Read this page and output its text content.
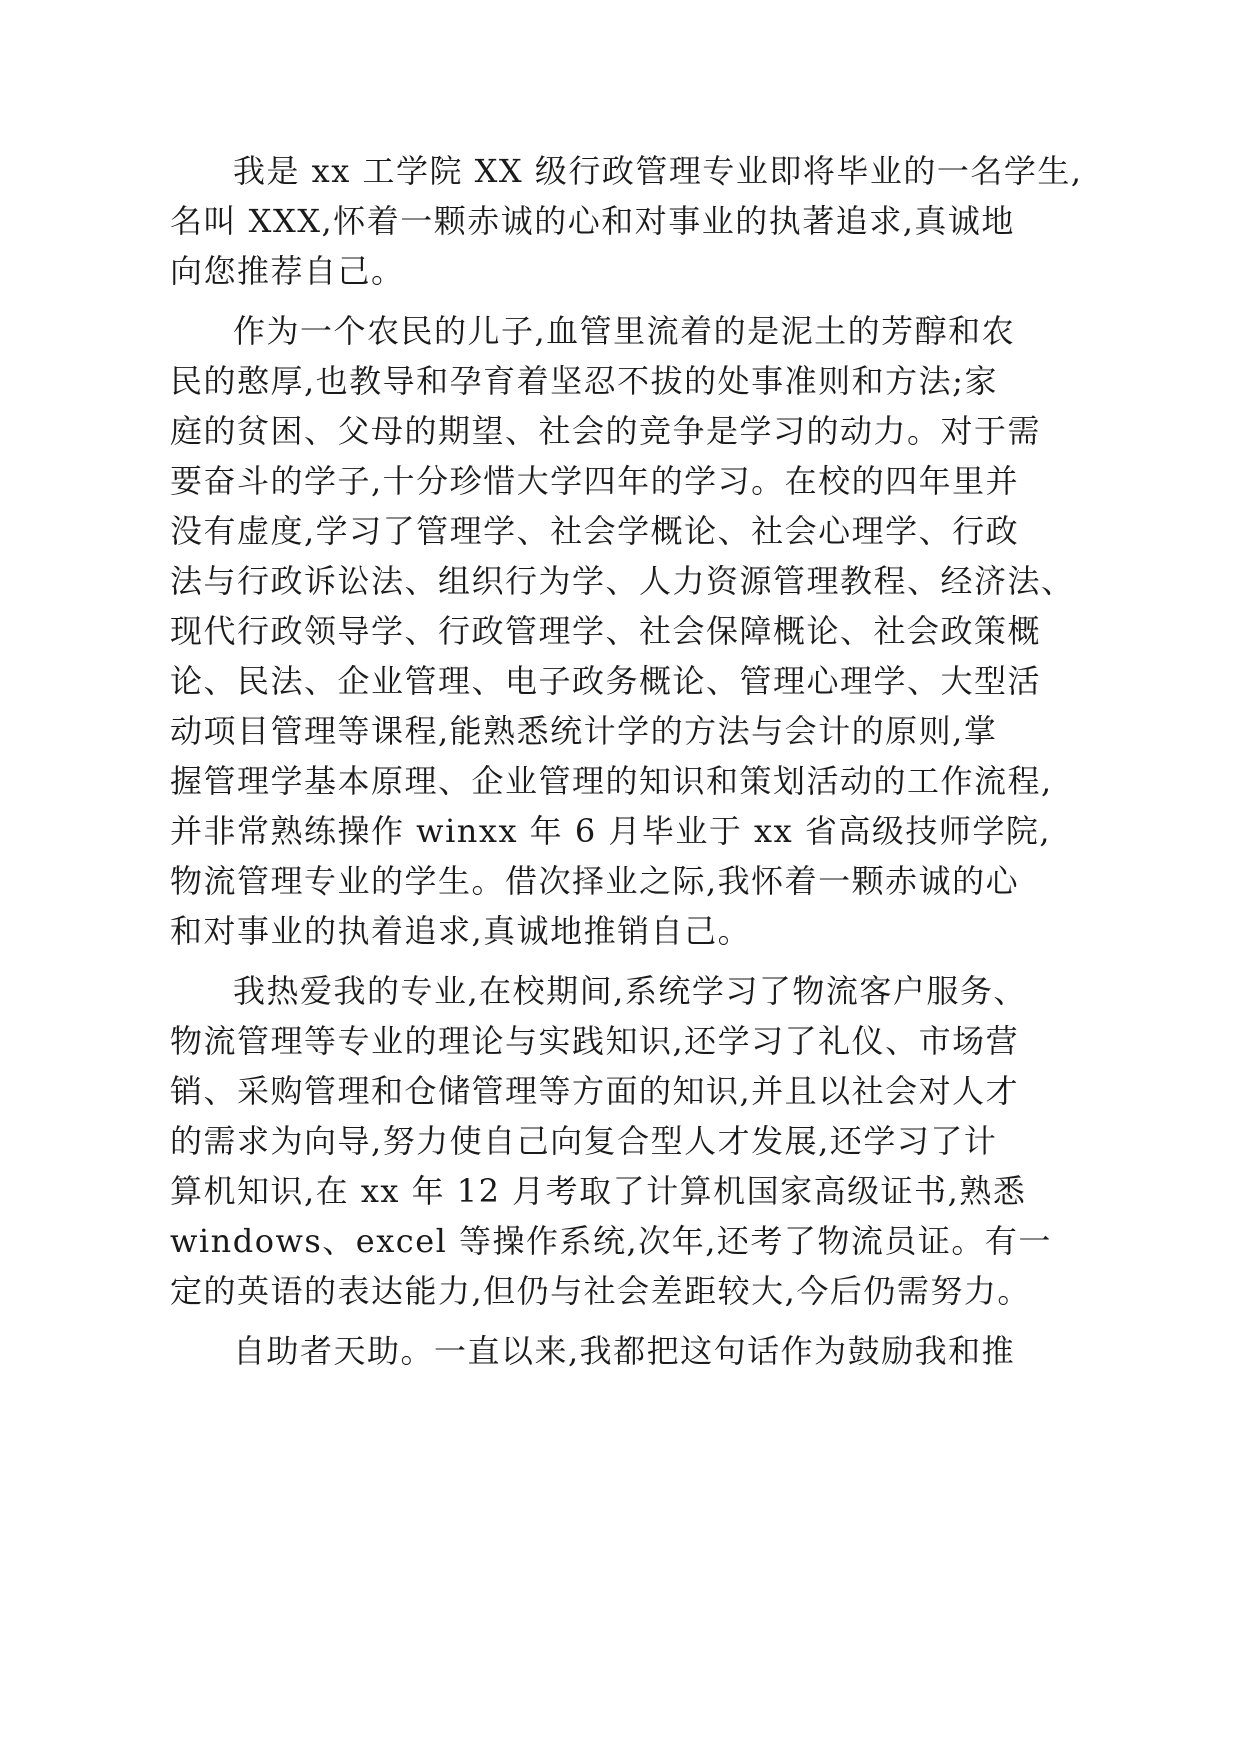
我是 xx 工学院 XX 级行政管理专业即将毕业的一名学生,
名叫 XXX,怀着一颗赤诚的心和对事业的执著追求,真诚地
向您推荐自己。
作为一个农民的儿子,血管里流着的是泥土的芳醇和农
民的憨厚,也教导和孕育着坚忍不拔的处事准则和方法;家
庭的贫困、父母的期望、社会的竞争是学习的动力。对于需
要奋斗的学子,十分珍惜大学四年的学习。在校的四年里并
没有虚度,学习了管理学、社会学概论、社会心理学、行政
法与行政诉讼法、组织行为学、人力资源管理教程、经济法、
现代行政领导学、行政管理学、社会保障概论、社会政策概
论、民法、企业管理、电子政务概论、管理心理学、大型活
动项目管理等课程,能熟悉统计学的方法与会计的原则,掌
握管理学基本原理、企业管理的知识和策划活动的工作流程,
并非常熟练操作 winxx 年 6 月毕业于 xx 省高级技师学院,
物流管理专业的学生。借次择业之际,我怀着一颗赤诚的心
和对事业的执着追求,真诚地推销自己。
我热爱我的专业,在校期间,系统学习了物流客户服务、
物流管理等专业的理论与实践知识,还学习了礼仪、市场营
销、采购管理和仓储管理等方面的知识,并且以社会对人才
的需求为向导,努力使自己向复合型人才发展,还学习了计
算机知识,在 xx 年 12 月考取了计算机国家高级证书,熟悉
windows、excel 等操作系统,次年,还考了物流员证。有一
定的英语的表达能力,但仍与社会差距较大,今后仍需努力。
自助者天助。一直以来,我都把这句话作为鼓励我和推
